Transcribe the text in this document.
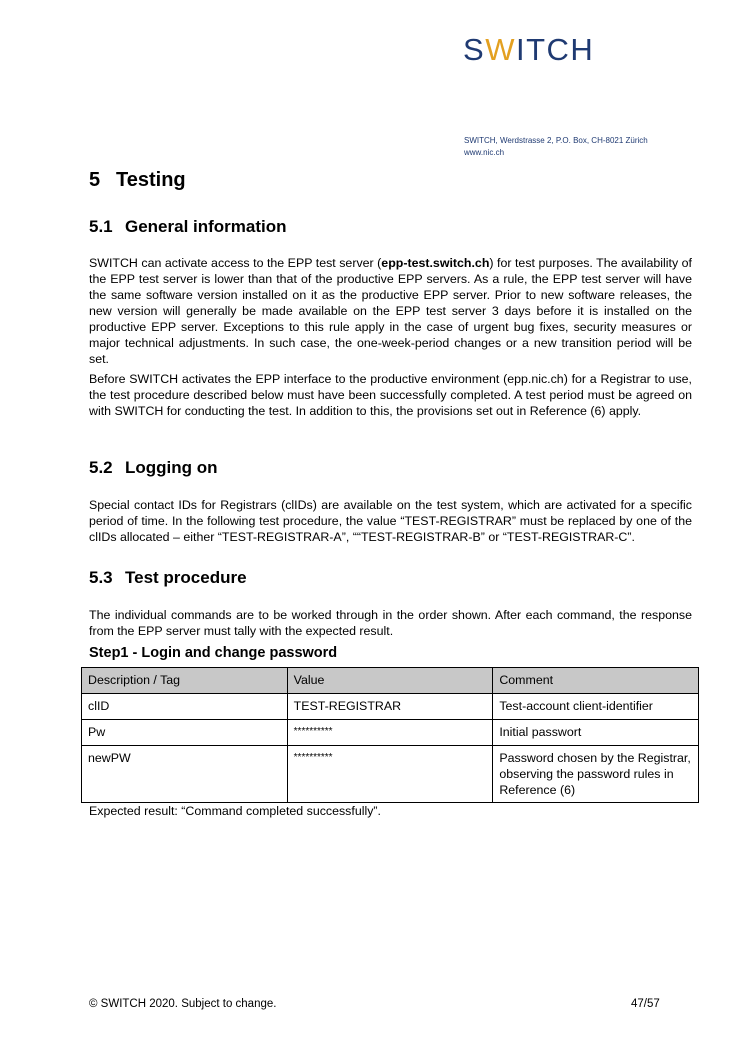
SWITCH
SWITCH, Werdstrasse 2, P.O. Box, CH-8021 Zürich
www.nic.ch
5 Testing
5.1 General information

SWITCH can activate access to the EPP test server (epp-test.switch.ch) for test purposes. The availability of the EPP test server is lower than that of the productive EPP servers. As a rule, the EPP test server will have the same software version installed on it as the productive EPP server. Prior to new software releases, the new version will generally be made available on the EPP test server 3 days before it is installed on the productive EPP server. Exceptions to this rule apply in the case of urgent bug fixes, security measures or major technical adjustments. In such case, the one-week-period changes or a new transition period will be set.

Before SWITCH activates the EPP interface to the productive environment (epp.nic.ch) for a Registrar to use, the test procedure described below must have been successfully completed. A test period must be agreed on with SWITCH for conducting the test. In addition to this, the provisions set out in Reference (6) apply.

5.2 Logging on

Special contact IDs for Registrars (clIDs) are available on the test system, which are activated for a specific period of time. In the following test procedure, the value “TEST-REGISTRAR” must be replaced by one of the clIDs allocated – either “TEST-REGISTRAR-A”, ““TEST-REGISTRAR-B” or “TEST-REGISTRAR-C”.

5.3 Test procedure

The individual commands are to be worked through in the order shown. After each command, the response from the EPP server must tally with the expected result.

Step1 - Login and change password
Description / Tag	Value	Comment
clID	TEST-REGISTRAR	Test-account client-identifier
Pw	**********	Initial passwort
newPW	**********	Password chosen by the Registrar, observing the password rules in Reference (6)
Expected result: “Command completed successfully”.
© SWITCH 2020. Subject to change.	47/57
